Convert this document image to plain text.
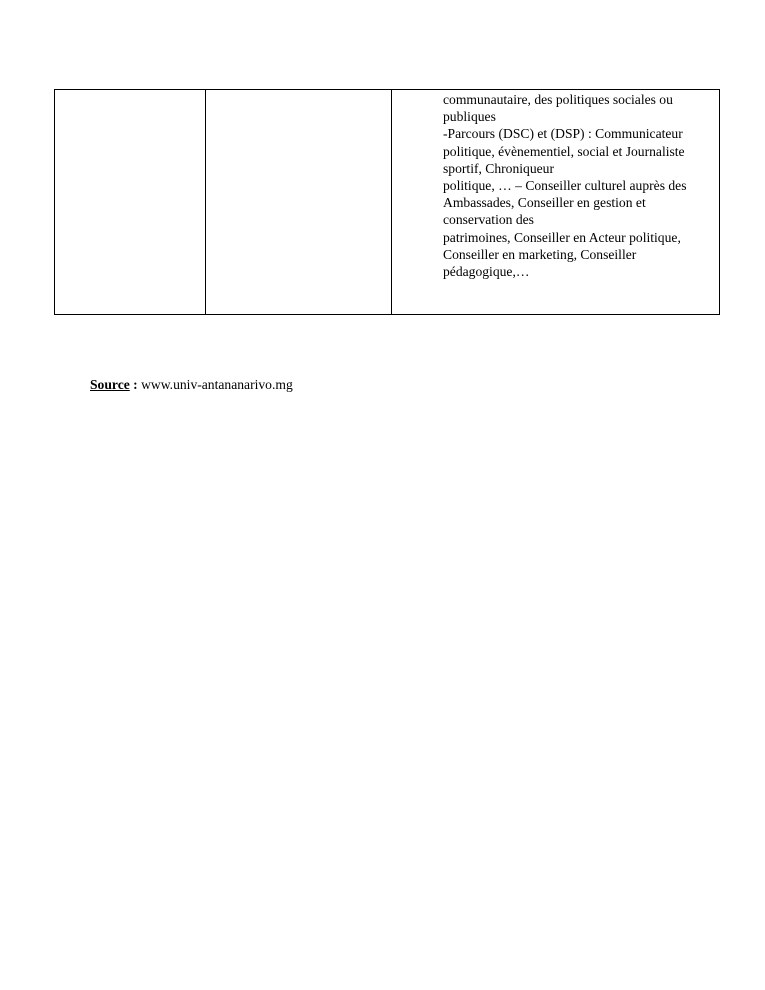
communautaire, des politiques sociales ou
publiques
-Parcours (DSC) et (DSP) : Communicateur
politique, évènementiel, social et Journaliste
sportif, Chroniqueur
politique, … – Conseiller culturel auprès des
Ambassades, Conseiller en gestion et
conservation des
patrimoines, Conseiller en Acteur politique,
Conseiller en marketing, Conseiller
pédagogique,…
Source : www.univ-antananarivo.mg
